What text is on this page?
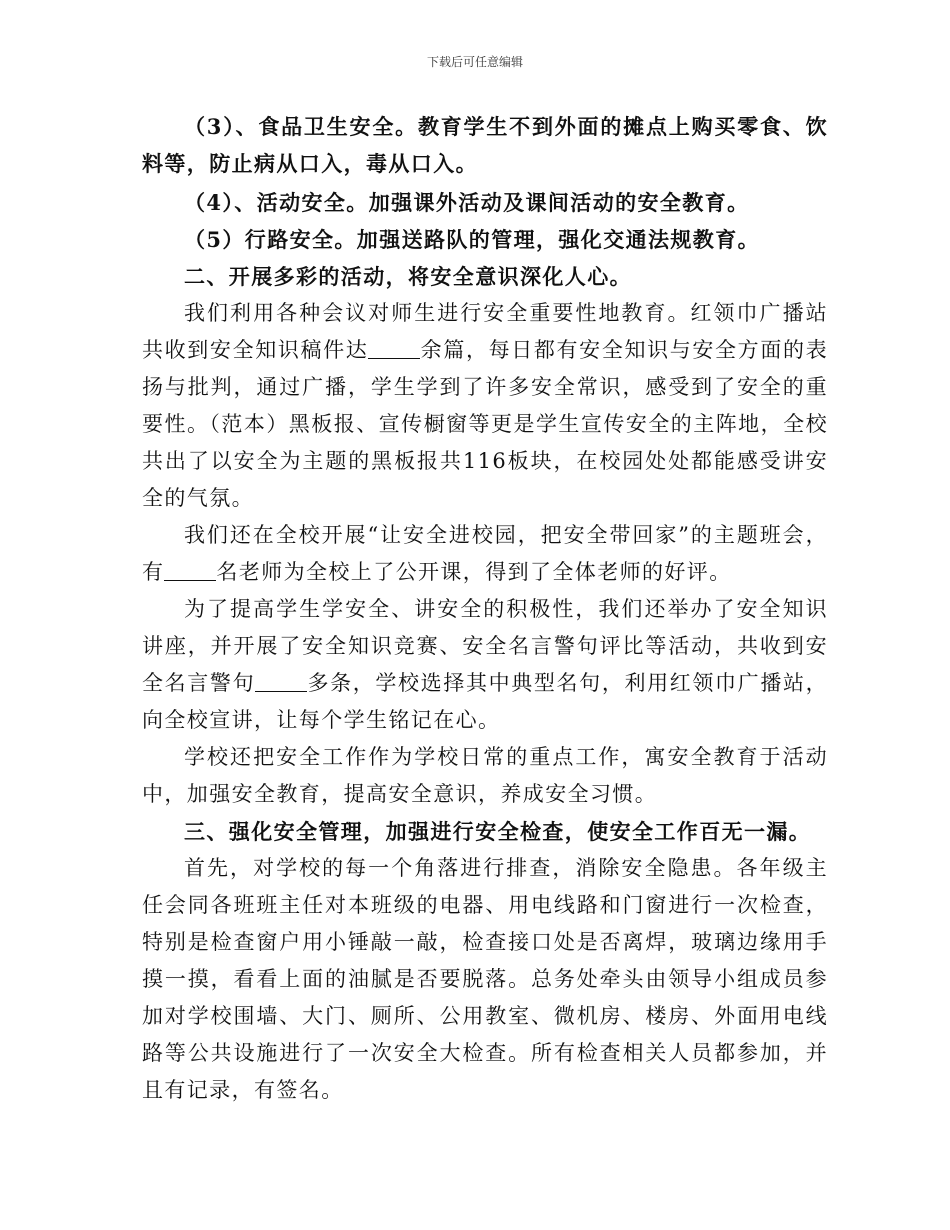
下载后可任意编辑

（3）、食品卫生安全。教育学生不到外面的摊点上购买零食、饮料等，防止病从口入，毒从口入。

（4）、活动安全。加强课外活动及课间活动的安全教育。

（5）行路安全。加强送路队的管理，强化交通法规教育。

二、开展多彩的活动，将安全意识深化人心。

我们利用各种会议对师生进行安全重要性地教育。红领巾广播站共收到安全知识稿件达 余篇，每日都有安全知识与安全方面的表扬与批判，通过广播，学生学到了许多安全常识，感受到了安全的重要性。（范本）黑板报、宣传橱窗等更是学生宣传安全的主阵地，全校共出了以安全为主题的黑板报共116板块，在校园处处都能感受讲安全的气氛。

我们还在全校开展“让安全进校园，把安全带回家”的主题班会，有 名老师为全校上了公开课，得到了全体老师的好评。

为了提高学生学安全、讲安全的积极性，我们还举办了安全知识讲座，并开展了安全知识竞赛、安全名言警句评比等活动，共收到安全名言警句 多条，学校选择其中典型名句，利用红领巾广播站，向全校宣讲，让每个学生铭记在心。

学校还把安全工作作为学校日常的重点工作，寓安全教育于活动中，加强安全教育，提高安全意识，养成安全习惯。

三、强化安全管理，加强进行安全检查，使安全工作百无一漏。

首先，对学校的每一个角落进行排查，消除安全隐患。各年级主任会同各班班主任对本班级的电器、用电线路和门窗进行一次检查，特别是检查窗户用小锤敲一敲，检查接口处是否离焊，玻璃边缘用手摸一摸，看看上面的油腻是否要脱落。总务处牵头由领导小组成员参加对学校围墙、大门、厕所、公用教室、微机房、楼房、外面用电线路等公共设施进行了一次安全大检查。所有检查相关人员都参加，并且有记录，有签名。
